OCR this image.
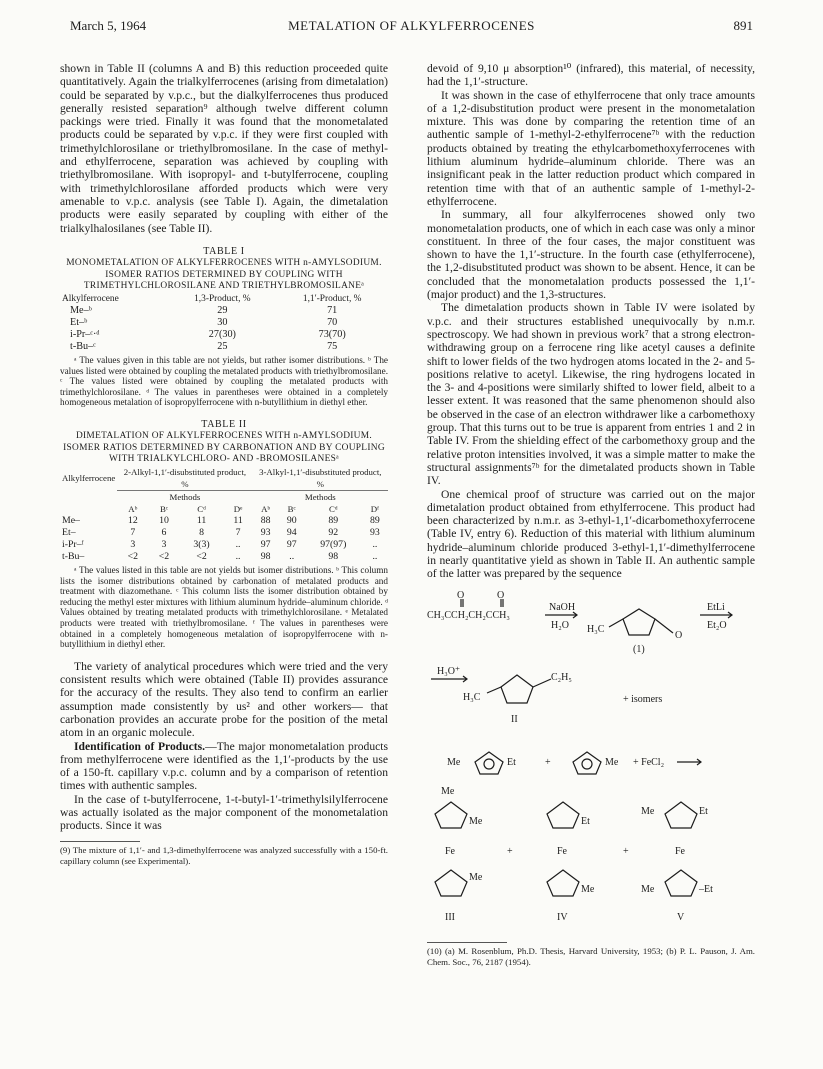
March 5, 1964	METALATION OF ALKYLFERROCENES	891

shown in Table II (columns A and B) this reduction proceeded quite quantitatively. Again the trialkylferrocenes (arising from dimetalation) could be separated by v.p.c., but the dialkylferrocenes thus produced generally resisted separation⁹ although twelve different column packings were tried. Finally it was found that the monometalated products could be separated by v.p.c. if they were first coupled with trimethylchlorosilane or triethylbromosilane. In the case of methyl- and ethylferrocene, separation was achieved by coupling with triethylbromosilane. With isopropyl- and t-butylferrocene, coupling with trimethylchlorosilane afforded products which were very amenable to v.p.c. analysis (see Table I). Again, the dimetalation products were easily separated by coupling with either of the trialkylhalosilanes (see Table II).

TABLE I
MONOMETALATION OF ALKYLFERROCENES WITH n-AMYLSODIUM. ISOMER RATIOS DETERMINED BY COUPLING WITH TRIMETHYLCHLOROSILANE AND TRIETHYLBROMOSILANEᵃ
Alkylferrocene	1,3-Product, %	1,1′-Product, %
Me–ᵇ	29	71
Et–ᵇ	30	70
i-Pr–ᶜ·ᵈ	27(30)	73(70)
t-Bu–ᶜ	25	75
ᵃ The values given in this table are not yields, but rather isomer distributions. ᵇ The values listed were obtained by coupling the metalated products with triethylbromosilane. ᶜ The values listed were obtained by coupling the metalated products with trimethylchlorosilane. ᵈ The values in parentheses were obtained in a completely homogeneous metalation of isopropylferrocene with n-butyllithium in diethyl ether.
TABLE II
DIMETALATION OF ALKYLFERROCENES WITH n-AMYLSODIUM. ISOMER RATIOS DETERMINED BY CARBONATION AND BY COUPLING WITH TRIALKYLCHLORO- AND -BROMOSILANESᵃ
Alkylferrocene	2-Alkyl-1,1′-disubstituted product, %				3-Alkyl-1,1′-disubstituted product, %			
	Methods				Methods			
	Aᵇ	Bᶜ	Cᵈ	Dᵉ	Aᵇ	Bᶜ	Cᵈ	Dᶠ
Me–	12	10	11	11	88	90	89	89
Et–	7	6	8	7	93	94	92	93
i-Pr–ᶠ	3	3	3(3)	..	97	97	97(97)	..
t-Bu–	<2	<2	<2	..	98	..	98	..
ᵃ The values listed in this table are not yields but isomer distributions. ᵇ This column lists the isomer distributions obtained by carbonation of metalated products and treatment with diazomethane. ᶜ This column lists the isomer distribution obtained by reducing the methyl ester mixtures with lithium aluminum hydride–aluminum chloride. ᵈ Values obtained by treating metalated products with trimethylchlorosilane. ᵉ Metalated products were treated with triethylbromosilane. ᶠ The values in parentheses were obtained in a completely homogeneous metalation of isopropylferrocene with n-butyllithium in diethyl ether.

The variety of analytical procedures which were tried and the very consistent results which were obtained (Table II) provides assurance for the accuracy of the results. They also tend to confirm an earlier assumption made consistently by us² and other workers— that carbonation provides an accurate probe for the position of the metal atom in an organic molecule.

Identification of Products.—The major monometalation products from methylferrocene were identified as the 1,1′-products by the use of a 150-ft. capillary v.p.c. column and by a comparison of retention times with authentic samples.

In the case of t-butylferrocene, 1-t-butyl-1′-trimethylsilylferrocene was actually isolated as the major component of the monometalation products. Since it was

(9) The mixture of 1,1′- and 1,3-dimethylferrocene was analyzed successfully with a 150-ft. capillary column (see Experimental).

devoid of 9,10 μ absorption¹⁰ (infrared), this material, of necessity, had the 1,1′-structure.

It was shown in the case of ethylferrocene that only trace amounts of a 1,2-disubstitution product were present in the monometalation mixture. This was done by comparing the retention time of an authentic sample of 1-methyl-2-ethylferrocene⁷ᵇ with the reduction products obtained by treating the ethylcarbomethoxyferrocenes with lithium aluminum hydride–aluminum chloride. There was an insignificant peak in the latter reduction product which compared in retention time with that of an authentic sample of 1-methyl-2-ethylferrocene.

In summary, all four alkylferrocenes showed only two monometalation products, one of which in each case was only a minor constituent. In three of the four cases, the major constituent was shown to have the 1,1′-structure. In the fourth case (ethylferrocene), the 1,2-disubstituted product was shown to be absent. Hence, it can be concluded that the monometalation products possessed the 1,1′- (major product) and the 1,3-structures.

The dimetalation products shown in Table IV were isolated by v.p.c. and their structures established unequivocally by n.m.r. spectroscopy. We had shown in previous work⁷ that a strong electron-withdrawing group on a ferrocene ring like acetyl causes a definite shift to lower fields of the two hydrogen atoms located in the 2- and 5-positions relative to acetyl. Likewise, the ring hydrogens located in the 3- and 4-positions were similarly shifted to lower field, albeit to a lesser extent. It was reasoned that the same phenomenon should also be observed in the case of an electron withdrawer like a carbomethoxy group. That this turns out to be true is apparent from entries 1 and 2 in Table IV. From the shielding effect of the carbomethoxy group and the relative proton intensities involved, it was a simple matter to make the structural assignments⁷ᵇ for the dimetalated products shown in Table IV.

One chemical proof of structure was carried out on the major dimetalation product obtained from ethylferrocene. This product had been characterized by n.m.r. as 3-ethyl-1,1′-dicarbomethoxyferrocene (Table IV, entry 6). Reduction of this material with lithium aluminum hydride–aluminum chloride produced 3-ethyl-1,1′-dimethylferrocene in nearly quantitative yield as shown in Table II. An authentic sample of the latter was prepared by the sequence

O	O
CH₃CCH₂CH₂CCH₃
NaOH
H₂O H₃C
O
EtLi
Et₂O
(1)
H₃O⁺
H₃C
C₂H₅
+ isomers
II
Me	Et	+	Me + FeCl₂
Me
Me
Fe
Me
+
Et
Fe
Me
+
Me	Et
Fe
Me	–Et
III	IV	V
(10) (a) M. Rosenblum, Ph.D. Thesis, Harvard University, 1953; (b) P. L. Pauson, J. Am. Chem. Soc., 76, 2187 (1954).
